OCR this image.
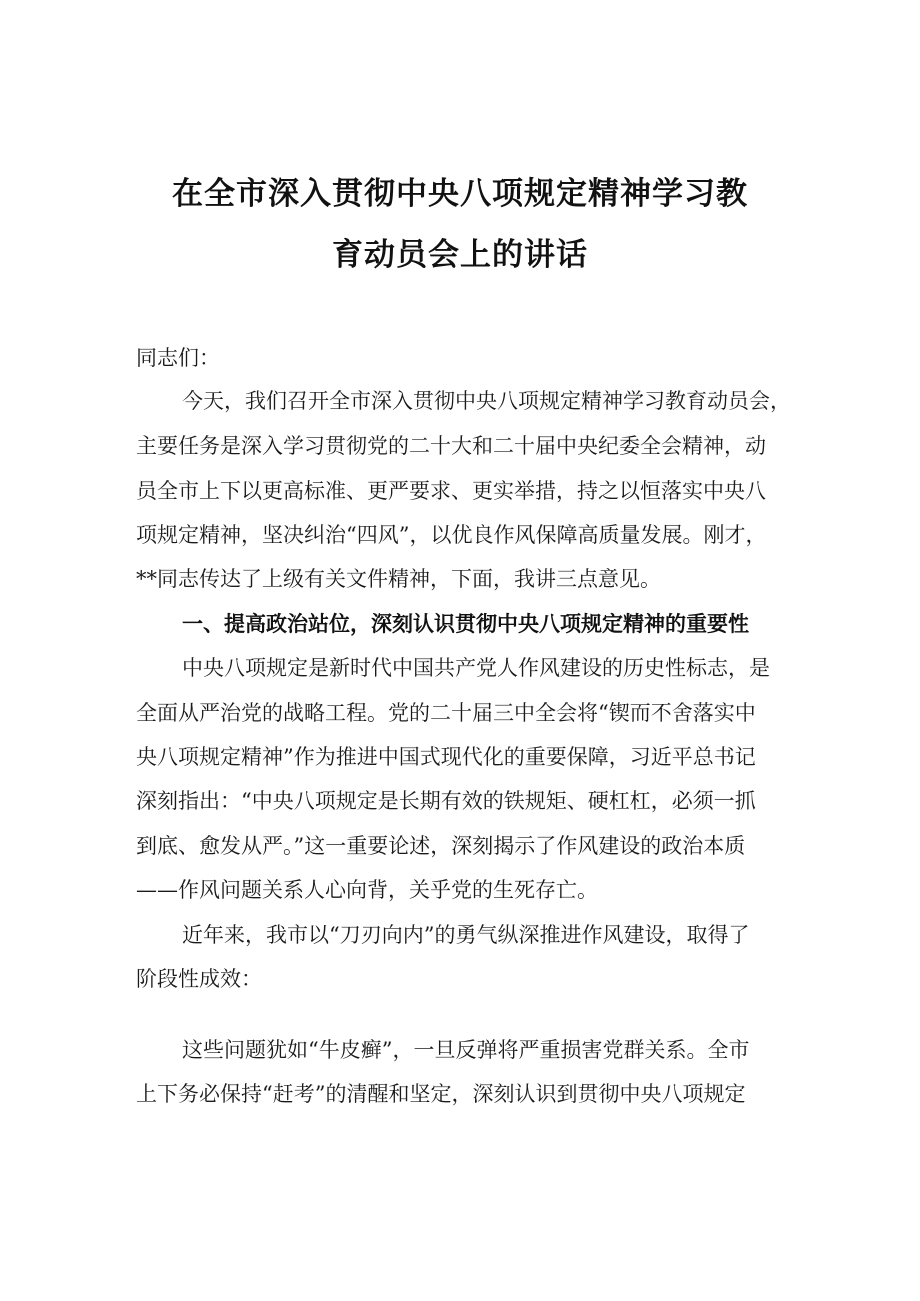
在全市深入贯彻中央八项规定精神学习教
育动员会上的讲话
同志们：
今天，我们召开全市深入贯彻中央八项规定精神学习教育动员会，
主要任务是深入学习贯彻党的二十大和二十届中央纪委全会精神，动
员全市上下以更高标准、更严要求、更实举措，持之以恒落实中央八
项规定精神，坚决纠治“四风”，以优良作风保障高质量发展。刚才，
**同志传达了上级有关文件精神，下面，我讲三点意见。
一、提高政治站位，深刻认识贯彻中央八项规定精神的重要性
中央八项规定是新时代中国共产党人作风建设的历史性标志，是
全面从严治党的战略工程。党的二十届三中全会将“锲而不舍落实中
央八项规定精神”作为推进中国式现代化的重要保障，习近平总书记
深刻指出：“中央八项规定是长期有效的铁规矩、硬杠杠，必须一抓
到底、愈发从严。”这一重要论述，深刻揭示了作风建设的政治本质
——作风问题关系人心向背，关乎党的生死存亡。
近年来，我市以“刀刃向内”的勇气纵深推进作风建设，取得了
阶段性成效：
这些问题犹如“牛皮癣”，一旦反弹将严重损害党群关系。全市
上下务必保持“赶考”的清醒和坚定，深刻认识到贯彻中央八项规定
